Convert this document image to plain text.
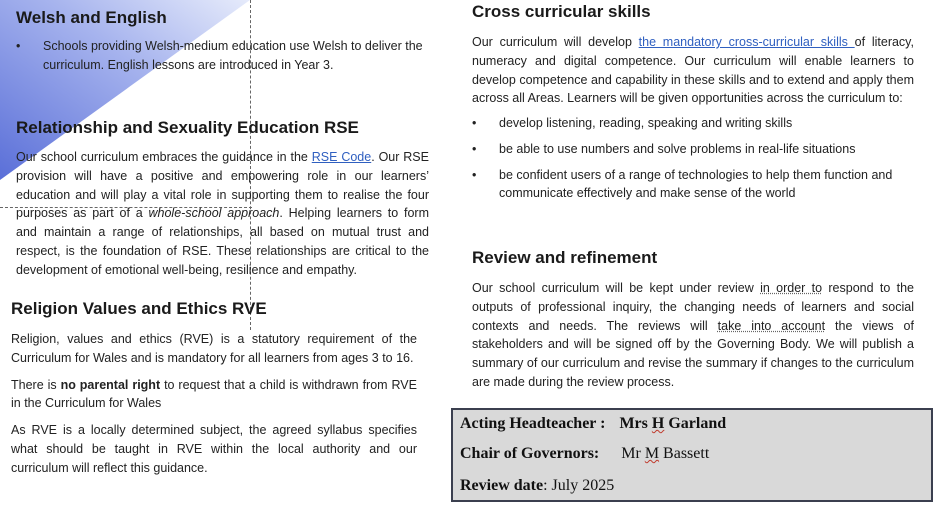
Welsh and English
• Schools providing Welsh-medium education use Welsh to deliver the curriculum. English lessons are introduced in Year 3.
Relationship and Sexuality Education RSE

Our school curriculum embraces the guidance in the RSE Code. Our RSE provision will have a positive and empowering role in our learners’ education and will play a vital role in supporting them to realise the four purposes as part of a whole-school approach. Helping learners to form and maintain a range of relationships, all based on mutual trust and respect, is the foundation of RSE. These relationships are critical to the development of emotional well-being, resilience and empathy.

Religion Values and Ethics RVE

Religion, values and ethics (RVE) is a statutory requirement of the Curriculum for Wales and is mandatory for all learners from ages 3 to 16.

There is no parental right to request that a child is withdrawn from RVE in the Curriculum for Wales

As RVE is a locally determined subject, the agreed syllabus specifies what should be taught in RVE within the local authority and our curriculum will reflect this guidance.

Cross curricular skills

Our curriculum will develop the mandatory cross-curricular skills of literacy, numeracy and digital competence. Our curriculum will enable learners to develop competence and capability in these skills and to extend and apply them across all Areas. Learners will be given opportunities across the curriculum to:

• develop listening, reading, speaking and writing skills
• be able to use numbers and solve problems in real-life situations
• be confident users of a range of technologies to help them function and communicate effectively and make sense of the world
Review and refinement

Our school curriculum will be kept under review in order to respond to the outputs of professional inquiry, the changing needs of learners and social contexts and needs. The reviews will take into account the views of stakeholders and will be signed off by the Governing Body. We will publish a summary of our curriculum and revise the summary if changes to the curriculum are made during the review process.

Acting Headteacher : Mrs H Garland
Chair of Governors: Mr M Bassett
Review date: July 2025
